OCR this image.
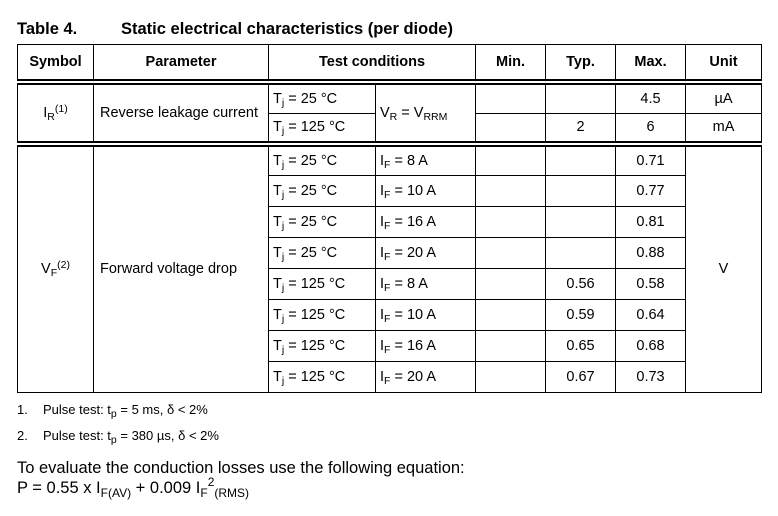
Table 4.	Static electrical characteristics (per diode)
Symbol	Parameter	Test conditions		Min.	Typ.	Max.	Unit
$I_R^{(1)}$	Reverse leakage current	$T_j = 25$ °C	$V_R = V_{RRM}$			4.5	µA
		$T_j = 125$ °C			2	6	mA
$V_F^{(2)}$	Forward voltage drop	$T_j = 25$ °C	$I_F = 8$ A			0.71	V
		$T_j = 25$ °C	$I_F = 10$ A			0.77	
		$T_j = 25$ °C	$I_F = 16$ A			0.81	
		$T_j = 25$ °C	$I_F = 20$ A			0.88	
		$T_j = 125$ °C	$I_F = 8$ A		0.56	0.58	
		$T_j = 125$ °C	$I_F = 10$ A		0.59	0.64	
		$T_j = 125$ °C	$I_F = 16$ A		0.65	0.68	
		$T_j = 125$ °C	$I_F = 20$ A		0.67	0.73	
1. Pulse test: $t_p = 5$ ms, δ < 2%
2. Pulse test: $t_p = 380$ µs, δ < 2%
To evaluate the conduction losses use the following equation:
P = 0.55 x $I_{F(AV)} + 0.009$ $I_F^2_{(RMS)}$
